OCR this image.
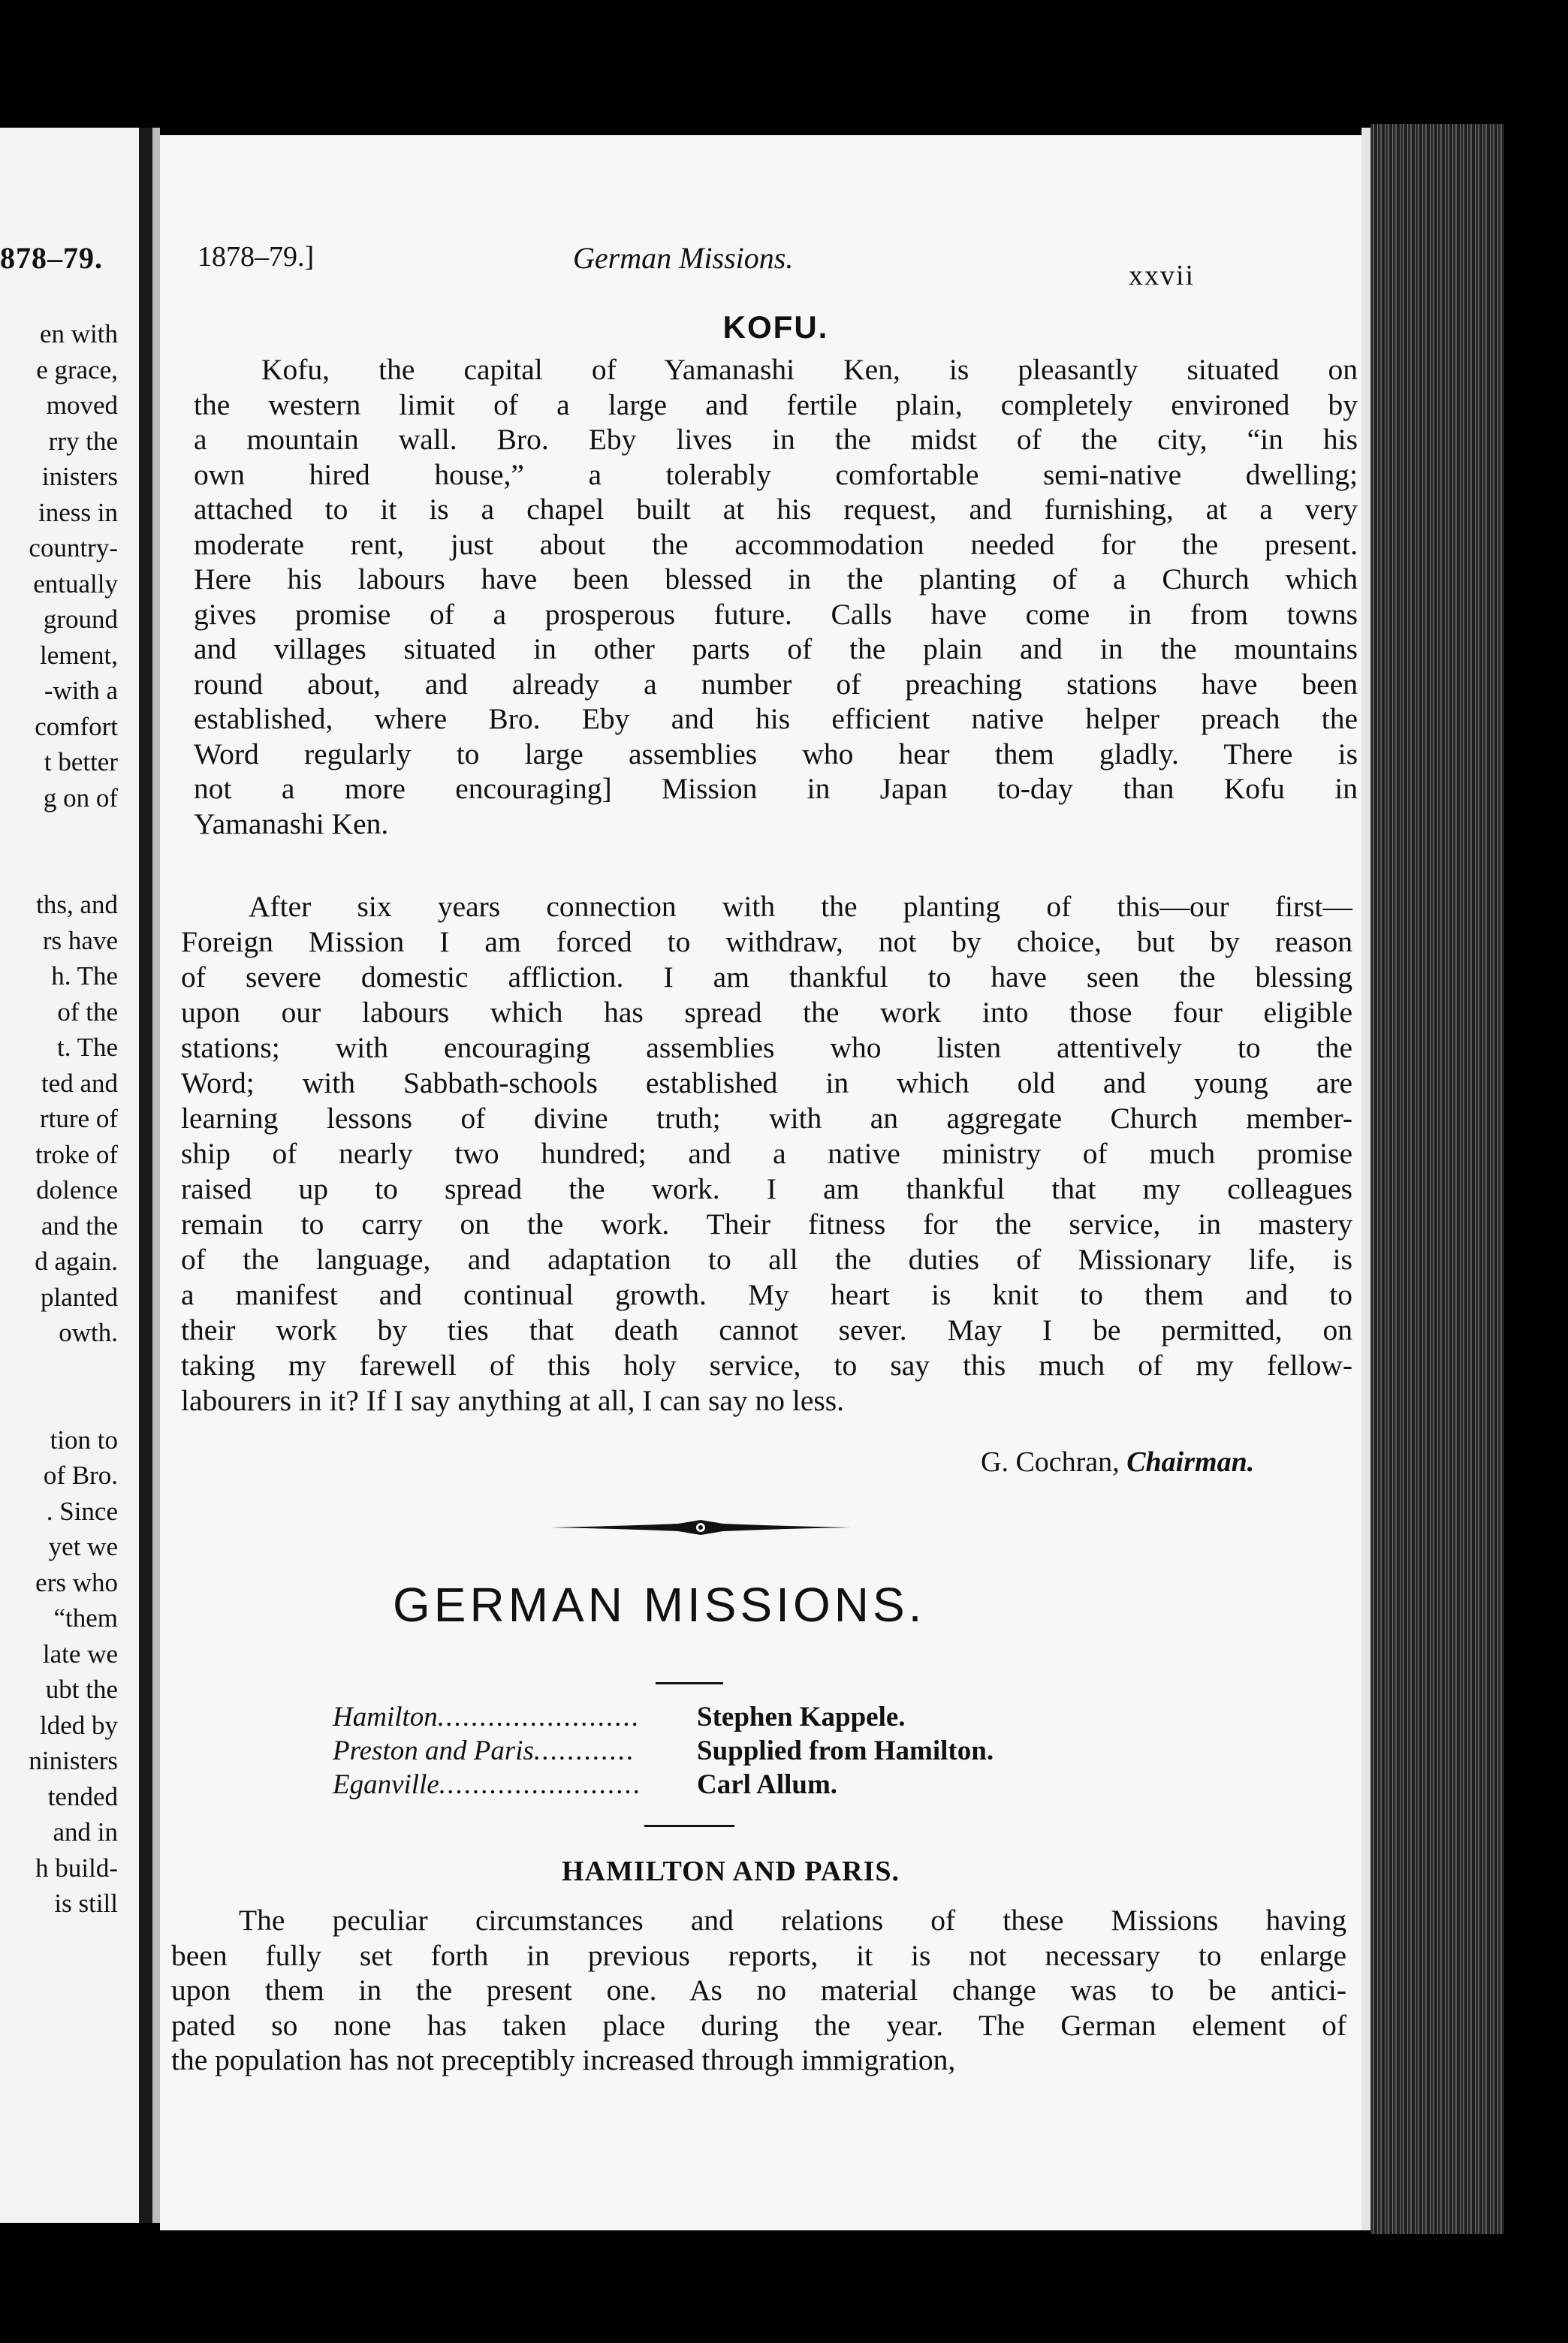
878–79.
en with
e grace,
moved
rry the
inisters
iness in
country-
entually
ground
lement,
-with a
comfort
t better
g on of
ths, and
rs have
h. The
of the
t. The
ted and
rture of
troke of
dolence
and the
d again.
planted
owth.
tion to
of Bro.
. Since
yet we
ers who
“them
late we
ubt the
lded by
ninisters
tended
and in
h build-
is still
1878–79.]	German Missions.
xxvii
KOFU.
Kofu, the capital of Yamanashi Ken, is pleasantly situated on
the western limit of a large and fertile plain, completely environed by
a mountain wall. Bro. Eby lives in the midst of the city, “in his
own hired house,” a tolerably comfortable semi-native dwelling;
attached to it is a chapel built at his request, and furnishing, at a very
moderate rent, just about the accommodation needed for the present.
Here his labours have been blessed in the planting of a Church which
gives promise of a prosperous future. Calls have come in from towns
and villages situated in other parts of the plain and in the mountains
round about, and already a number of preaching stations have been
established, where Bro. Eby and his efficient native helper preach the
Word regularly to large assemblies who hear them gladly. There is
not a more encouraging] Mission in Japan to-day than Kofu in
Yamanashi Ken.
After six years connection with the planting of this—our first—
Foreign Mission I am forced to withdraw, not by choice, but by reason
of severe domestic affliction. I am thankful to have seen the blessing
upon our labours which has spread the work into those four eligible
stations; with encouraging assemblies who listen attentively to the
Word; with Sabbath-schools established in which old and young are
learning lessons of divine truth; with an aggregate Church member-
ship of nearly two hundred; and a native ministry of much promise
raised up to spread the work. I am thankful that my colleagues
remain to carry on the work. Their fitness for the service, in mastery
of the language, and adaptation to all the duties of Missionary life, is
a manifest and continual growth. My heart is knit to them and to
their work by ties that death cannot sever. May I be permitted, on
taking my farewell of this holy service, to say this much of my fellow-
labourers in it? If I say anything at all, I can say no less.
G. Cochran, Chairman.
GERMAN MISSIONS.
Hamilton........................ Stephen Kappele.
Preston and Paris............ Supplied from Hamilton.
Eganville........................ Carl Allum.
HAMILTON AND PARIS.
The peculiar circumstances and relations of these Missions having
been fully set forth in previous reports, it is not necessary to enlarge
upon them in the present one. As no material change was to be antici-
pated so none has taken place during the year. The German element of
the population has not preceptibly increased through immigration,
